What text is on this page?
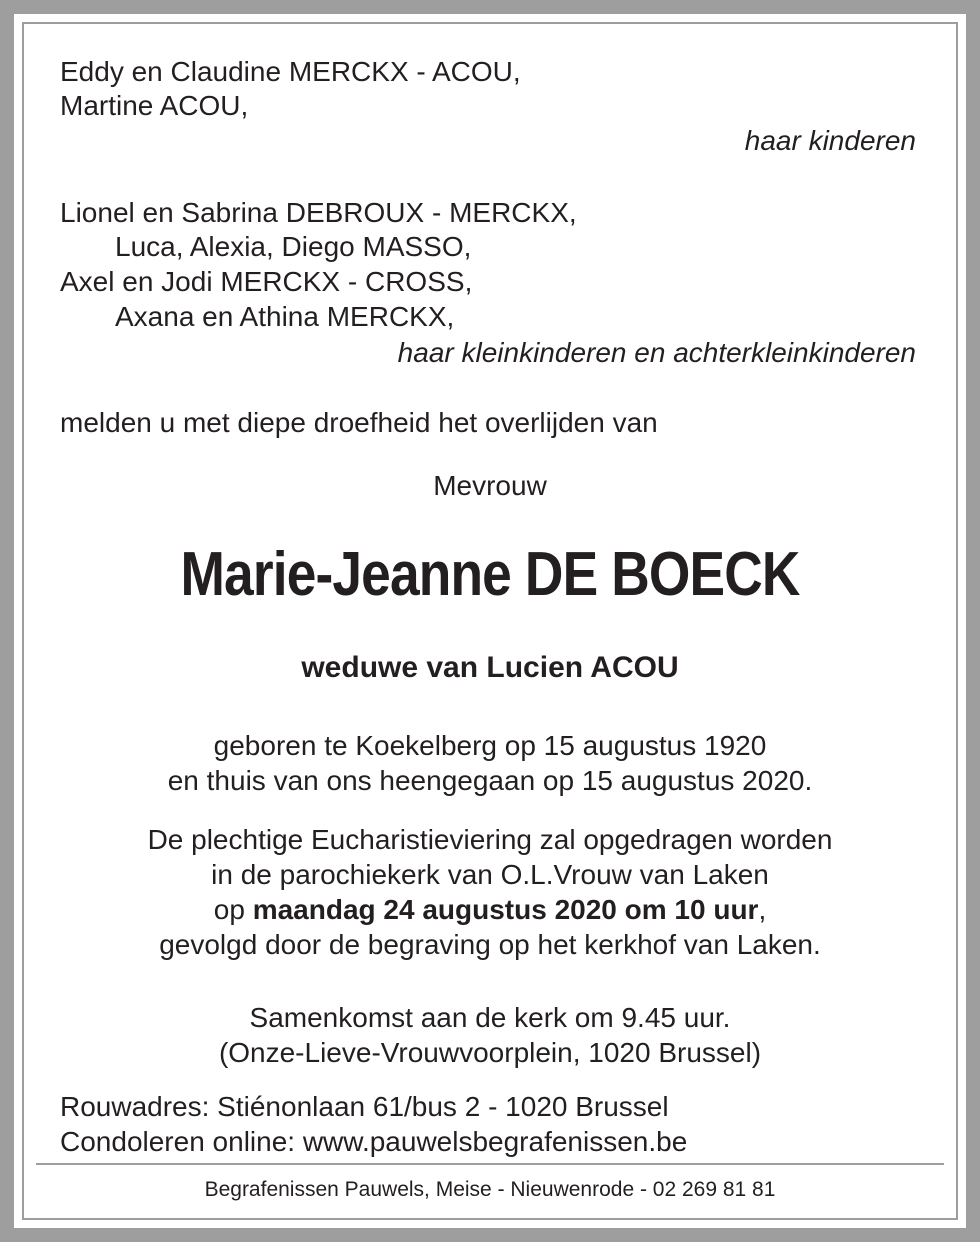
Eddy en Claudine MERCKX - ACOU,
Martine ACOU,
haar kinderen
Lionel en Sabrina DEBROUX - MERCKX,
Luca, Alexia, Diego MASSO,
Axel en Jodi MERCKX - CROSS,
Axana en Athina MERCKX,
haar kleinkinderen en achterkleinkinderen
melden u met diepe droefheid het overlijden van
Mevrouw
Marie-Jeanne DE BOECK
weduwe van Lucien ACOU
geboren te Koekelberg op 15 augustus 1920
en thuis van ons heengegaan op 15 augustus 2020.
De plechtige Eucharistieviering zal opgedragen worden
in de parochiekerk van O.L.Vrouw van Laken
op maandag 24 augustus 2020 om 10 uur,
gevolgd door de begraving op het kerkhof van Laken.
Samenkomst aan de kerk om 9.45 uur.
(Onze-Lieve-Vrouwvoorplein, 1020 Brussel)
Rouwadres: Stiénonlaan 61/bus 2 - 1020 Brussel
Condoleren online: www.pauwelsbegrafenissen.be
Begrafenissen Pauwels, Meise - Nieuwenrode - 02 269 81 81
